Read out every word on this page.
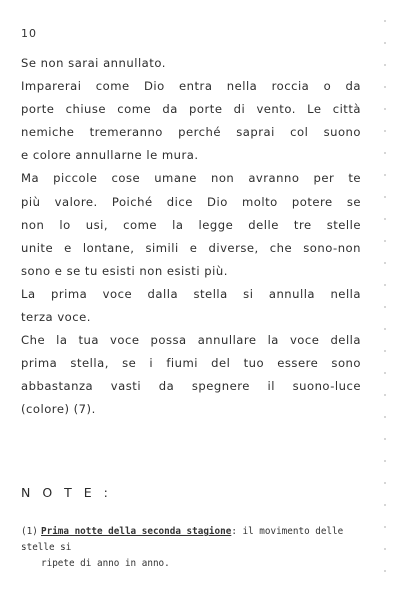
10
Se non sarai annullato.
Imparerai come Dio entra nella roccia o da
porte chiuse come da porte di vento. Le città
nemiche tremeranno perché saprai col suono
e colore annullarne le mura.
Ma piccole cose umane non avranno per te
più valore. Poiché dice Dio molto potere se
non lo usi, come la legge delle tre stelle
unite e lontane, simili e diverse, che sono-non
sono e se tu esisti non esisti più.
La prima voce dalla stella si annulla nella
terza voce.
Che la tua voce possa annullare la voce della
prima stella, se i fiumi del tuo essere sono
abbastanza vasti da spegnere il suono-luce
(colore) (7).
N O T E :
(1) Prima notte della seconda stagione: il movimento delle stelle si
ripete di anno in anno.
